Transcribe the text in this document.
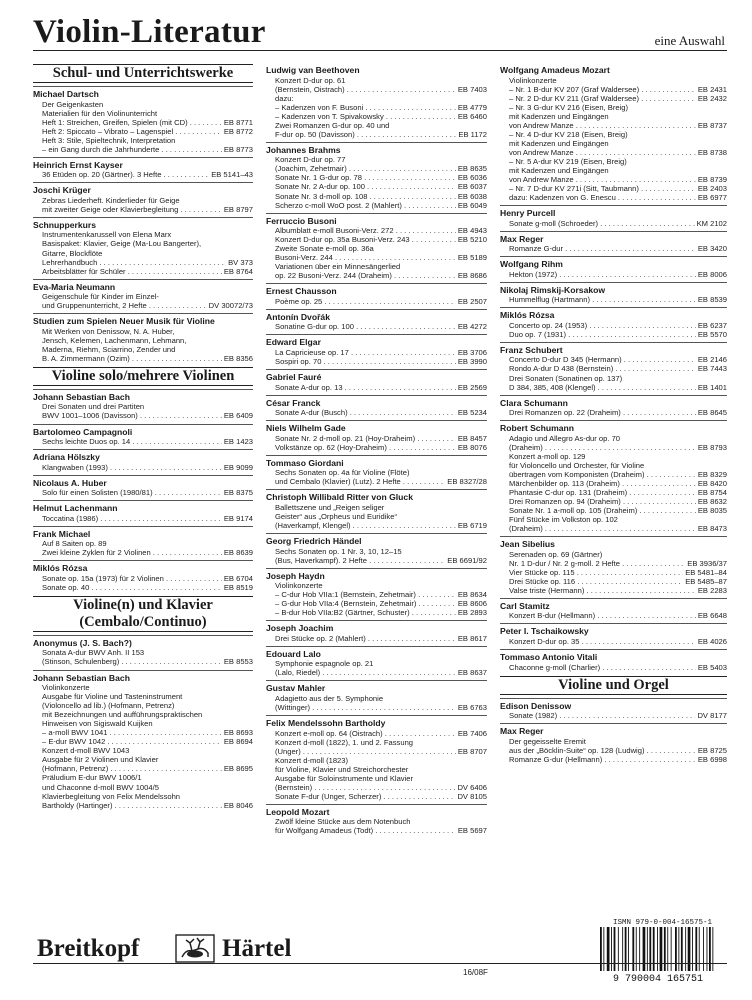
Violin-Literatur	eine Auswahl
Schul- und Unterrichtswerke
Michael Dartsch
Der Geigenkasten
Materialien für den Violinunterricht
Heft 1: Streichen, Greifen, Spielen (mit CD) . . .	EB 8771
Heft 2: Spiccato – Vibrato – Lagenspiel . . .	EB 8772
Heft 3: Stile, Spieltechnik, Interpretation
– ein Gang durch die Jahrhunderte . . .	EB 8773
Heinrich Ernst Kayser
36 Etüden op. 20 (Gärtner). 3 Hefte . . .	EB 5141–43
Joschi Krüger
Zebras Liederheft. Kinderlieder für Geige
mit zweiter Geige oder Klavierbegleitung . . .	EB 8797
Schnupperkurs
Instrumentenkarussell von Elena Marx
Basispaket: Klavier, Geige (Ma-Lou Bangerter),
Gitarre, Blockflöte
Lehrerhandbuch . . .	BV 373
Arbeitsblätter für Schüler . . .	EB 8764
Eva-Maria Neumann
Geigenschule für Kinder im Einzel-
und Gruppenunterricht, 2 Hefte . . .	DV 30072/73
Studien zum Spielen Neuer Musik für Violine
Mit Werken von Denissow, N. A. Huber,
Jensch, Kelemen, Lachenmann, Lehmann,
Maderna, Riehm, Sciarrino, Zender und
B. A. Zimmermann (Ozim) . . .	EB 8356
Violine solo/mehrere Violinen
Johann Sebastian Bach
Drei Sonaten und drei Partiten
BWV 1001–1006 (Davisson) . . .	EB 6409
Bartolomeo Campagnoli
Sechs leichte Duos op. 14 . . .	EB 1423
Adriana Hölszky
Klangwaben (1993) . . .	EB 9099
Nicolaus A. Huber
Solo für einen Solisten (1980/81) . . .	EB 8375
Helmut Lachenmann
Toccatina (1986) . . .	EB 9174
Frank Michael
Auf 8 Saiten op. 89
Zwei kleine Zyklen für 2 Violinen . . .	EB 8639
Miklós Rózsa
Sonate op. 15a (1973) für 2 Violinen . . .	EB 6704
Sonate op. 40 . . .	EB 8519
Violine(n) und Klavier (Cembalo/Continuo)
Anonymus (J. S. Bach?)
Sonata A-dur BWV Anh. II 153
(Stinson, Schulenberg) . . .	EB 8553
Johann Sebastian Bach
Violinkonzerte
Ausgabe für Violine und Tasteninstrument
(Violoncello ad lib.) (Hofmann, Petrenz)
mit Bezeichnungen und aufführungspraktischen
Hinweisen von Sigiswald Kuijken
– a-moll BWV 1041 . . .	EB 8693
– E-dur BWV 1042 . . .	EB 8694
Konzert d-moll BWV 1043
Ausgabe für 2 Violinen und Klavier
(Hofmann, Petrenz) . . .	EB 8695
Präludium E-dur BWV 1006/1
und Chaconne d-moll BWV 1004/5
Klavierbegleitung von Felix Mendelssohn
Bartholdy (Hartinger) . . .	EB 8046
Ludwig van Beethoven
Konzert D-dur op. 61
(Bernstein, Oistrach) . . .	EB 7403
dazu:
– Kadenzen von F. Busoni . . .	EB 4779
– Kadenzen von T. Spivakowsky . . .	EB 6460
Zwei Romanzen G-dur op. 40 und
F-dur op. 50 (Davisson) . . .	EB 1172
Johannes Brahms
Konzert D-dur op. 77
(Joachim, Zehetmair) . . .	EB 8635
Sonate Nr. 1 G-dur op. 78 . . .	EB 6036
Sonate Nr. 2 A-dur op. 100 . . .	EB 6037
Sonate Nr. 3 d-moll op. 108 . . .	EB 6038
Scherzo c-moll WoO post. 2 (Mahlert) . . .	EB 6049
Ferruccio Busoni
Albumblatt e-moll Busoni-Verz. 272 . . .	EB 4943
Konzert D-dur op. 35a Busoni-Verz. 243 . . .	EB 5210
Zweite Sonate e-moll op. 36a
Busoni-Verz. 244 . . .	EB 5189
Variationen über ein Minnesängerlied
op. 22 Busoni-Verz. 244 (Draheim) . . .	EB 8686
Ernest Chausson
Poème op. 25 . . .	EB 2507
Antonín Dvořák
Sonatine G-dur op. 100 . . .	EB 4272
Edward Elgar
La Capricieuse op. 17 . . .	EB 3706
Sospiri op. 70 . . .	EB 3990
Gabriel Fauré
Sonate A-dur op. 13 . . .	EB 2569
César Franck
Sonate A-dur (Busch) . . .	EB 5234
Niels Wilhelm Gade
Sonate Nr. 2 d-moll op. 21 (Hoy-Draheim) . . .	EB 8457
Volkstänze op. 62 (Hoy-Draheim) . . .	EB 8076
Tommaso Giordani
Sechs Sonaten op. 4a für Violine (Flöte)
und Cembalo (Klavier) (Lutz). 2 Hefte . . .	EB 8327/28
Christoph Willibald Ritter von Gluck
Ballettszene und „Reigen seliger
Geister“ aus „Orpheus und Euridike“
(Haverkampf, Klengel) . . .	EB 6719
Georg Friedrich Händel
Sechs Sonaten op. 1 Nr. 3, 10, 12–15
(Bus, Haverkampf). 2 Hefte . . .	EB 6691/92
Joseph Haydn
Violinkonzerte
– C-dur Hob VIIa:1 (Bernstein, Zehetmair) . . .	EB 8634
– G-dur Hob VIIa:4 (Bernstein, Zehetmair) . . .	EB 8606
– B-dur Hob VIIa:B2 (Gärtner, Schuster) . . .	EB 2893
Joseph Joachim
Drei Stücke op. 2 (Mahlert) . . .	EB 8617
Edouard Lalo
Symphonie espagnole op. 21
(Lalo, Riedel) . . .	EB 8637
Gustav Mahler
Adagietto aus der 5. Symphonie
(Wittinger) . . .	EB 6763
Felix Mendelssohn Bartholdy
Konzert e-moll op. 64 (Oistrach) . . .	EB 7406
Konzert d-moll (1822), 1. und 2. Fassung
(Unger) . . .	EB 8707
Konzert d-moll (1823)
für Violine, Klavier und Streichorchester
Ausgabe für Soloinstrumente und Klavier
(Bernstein) . . .	DV 6406
Sonate F-dur (Unger, Scherzer) . . .	DV 8105
Leopold Mozart
Zwölf kleine Stücke aus dem Notenbuch
für Wolfgang Amadeus (Todt) . . .	EB 5697
Wolfgang Amadeus Mozart
Violinkonzerte
– Nr. 1 B-dur KV 207 (Graf Waldersee) . . .	EB 2431
– Nr. 2 D-dur KV 211 (Graf Waldersee) . . .	EB 2432
– Nr. 3 G-dur KV 216 (Eisen, Breig)
mit Kadenzen und Eingängen
von Andrew Manze . . .	EB 8737
– Nr. 4 D-dur KV 218 (Eisen, Breig)
mit Kadenzen und Eingängen
von Andrew Manze . . .	EB 8738
– Nr. 5 A-dur KV 219 (Eisen, Breig)
mit Kadenzen und Eingängen
von Andrew Manze . . .	EB 8739
– Nr. 7 D-dur KV 271i (Sitt, Taubmann) . . .	EB 2403
dazu: Kadenzen von G. Enescu . . .	EB 6977
Henry Purcell
Sonate g-moll (Schroeder) . . .	KM 2102
Max Reger
Romanze G-dur . . .	EB 3420
Wolfgang Rihm
Hekton (1972) . . .	EB 8006
Nikolaj Rimskij-Korsakow
Hummelflug (Hartmann) . . .	EB 8539
Miklós Rózsa
Concerto op. 24 (1953) . . .	EB 6237
Duo op. 7 (1931) . . .	EB 5570
Franz Schubert
Concerto D-dur D 345 (Hermann) . . .	EB 2146
Rondo A-dur D 438 (Bernstein) . . .	EB 7443
Drei Sonaten (Sonatinen op. 137)
D 384, 385, 408 (Klengel) . . .	EB 1401
Clara Schumann
Drei Romanzen op. 22 (Draheim) . . .	EB 8645
Robert Schumann
Adagio und Allegro As-dur op. 70
(Draheim) . . .	EB 8793
Konzert a-moll op. 129
für Violoncello und Orchester, für Violine
übertragen vom Komponisten (Draheim) . . .	EB 8329
Märchenbilder op. 113 (Draheim) . . .	EB 8420
Phantasie C-dur op. 131 (Draheim) . . .	EB 8754
Drei Romanzen op. 94 (Draheim) . . .	EB 8632
Sonate Nr. 1 a-moll op. 105 (Draheim) . . .	EB 8035
Fünf Stücke im Volkston op. 102
(Draheim) . . .	EB 8473
Jean Sibelius
Serenaden op. 69 (Gärtner)
Nr. 1 D-dur / Nr. 2 g-moll. 2 Hefte . . .	EB 3936/37
Vier Stücke op. 115 . . .	EB 5481–84
Drei Stücke op. 116 . . .	EB 5485–87
Valse triste (Hermann) . . .	EB 2283
Carl Stamitz
Konzert B-dur (Hellmann) . . .	EB 6648
Peter I. Tschaikowsky
Konzert D-dur op. 35 . . .	EB 4026
Tommaso Antonio Vitali
Chaconne g-moll (Charlier) . . .	EB 5403
Violine und Orgel
Edison Denissow
Sonate (1982) . . .	DV 8177
Max Reger
Der gegeisselte Eremit
aus der „Böcklin-Suite“ op. 128 (Ludwig) . . .	EB 8725
Romanze G-dur (Hellmann) . . .	EB 6998
ISMN 979-0-004-16575-1
9 790004 165751
Breitkopf	Härtel
16/08F
